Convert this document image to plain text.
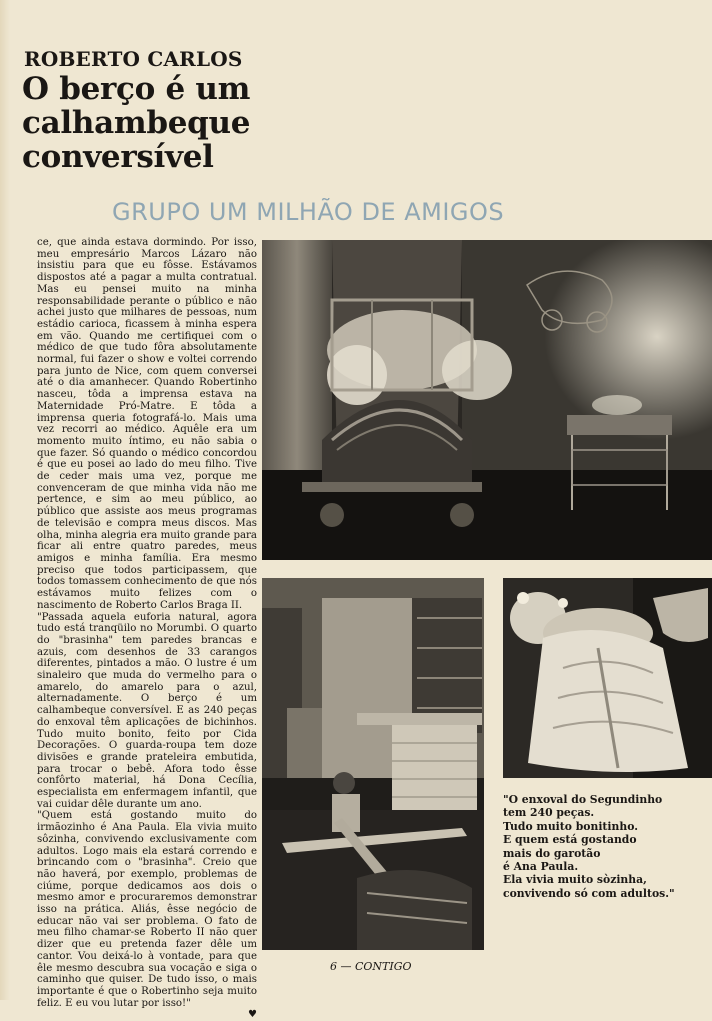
ROBERTO CARLOS
O berço é um calhambeque conversível
GRUPO UM MILHÃO DE AMIGOS

ce, que ainda estava dormindo. Por isso, meu empresário Marcos Lázaro não insistiu para que eu fôsse. Estávamos dispostos até a pagar a multa contratual. Mas eu pensei muito na minha responsabilidade perante o público e não achei justo que milhares de pessoas, num estádio carioca, ficassem à minha espera em vão. Quando me certifiquei com o médico de que tudo fôra absolutamente normal, fui fazer o show e voltei correndo para junto de Nice, com quem conversei até o dia amanhecer. Quando Robertinho nasceu, tôda a imprensa estava na Maternidade Pró-Matre. E tôda a imprensa queria fotografá-lo. Mais uma vez recorri ao médico. Aquêle era um momento muito íntimo, eu não sabia o que fazer. Só quando o médico concordou é que eu posei ao lado do meu filho. Tive de ceder mais uma vez, porque me convenceram de que minha vida não me pertence, e sim ao meu público, ao público que assiste aos meus programas de televisão e compra meus discos. Mas olha, minha alegria era muito grande para ficar ali entre quatro paredes, meus amigos e minha família. Era mesmo preciso que todos participassem, que todos tomassem conhecimento de que nós estávamos muito felizes com o nascimento de Roberto Carlos Braga II.

"Passada aquela euforia natural, agora tudo está tranqüilo no Morumbi. O quarto do "brasinha" tem paredes brancas e azuis, com desenhos de 33 carangos diferentes, pintados a mão. O lustre é um sinaleiro que muda do vermelho para o amarelo, do amarelo para o azul, alternadamente. O berço é um calhambeque conversível. E as 240 peças do enxoval têm aplicações de bichinhos. Tudo muito bonito, feito por Cida Decorações. O guarda-roupa tem doze divisões e grande prateleira embutida, para trocar o bebê. Afora todo êsse confôrto material, há Dona Cecília, especialista em enfermagem infantil, que vai cuidar dêle durante um ano.

"Quem está gostando muito do irmãozinho é Ana Paula. Ela vivia muito sôzinha, convivendo exclusivamente com adultos. Logo mais ela estará correndo e brincando com o "brasinha". Creio que não haverá, por exemplo, problemas de ciúme, porque dedicamos aos dois o mesmo amor e procuraremos demonstrar isso na prática. Aliás, êsse negócio de educar não vai ser problema. O fato de meu filho chamar-se Roberto II não quer dizer que eu pretenda fazer dêle um cantor. Vou deixá-lo à vontade, para que êle mesmo descubra sua vocação e siga o caminho que quiser. De tudo isso, o mais importante é que o Robertinho seja muito feliz. E eu vou lutar por isso!"

♥

"O enxoval do Segundinho

tem 240 peças.

Tudo muito bonitinho.

E quem está gostando

mais do garotão

é Ana Paula.

Ela vivia muito sòzinha,

convivendo só com adultos."

6 — CONTIGO
